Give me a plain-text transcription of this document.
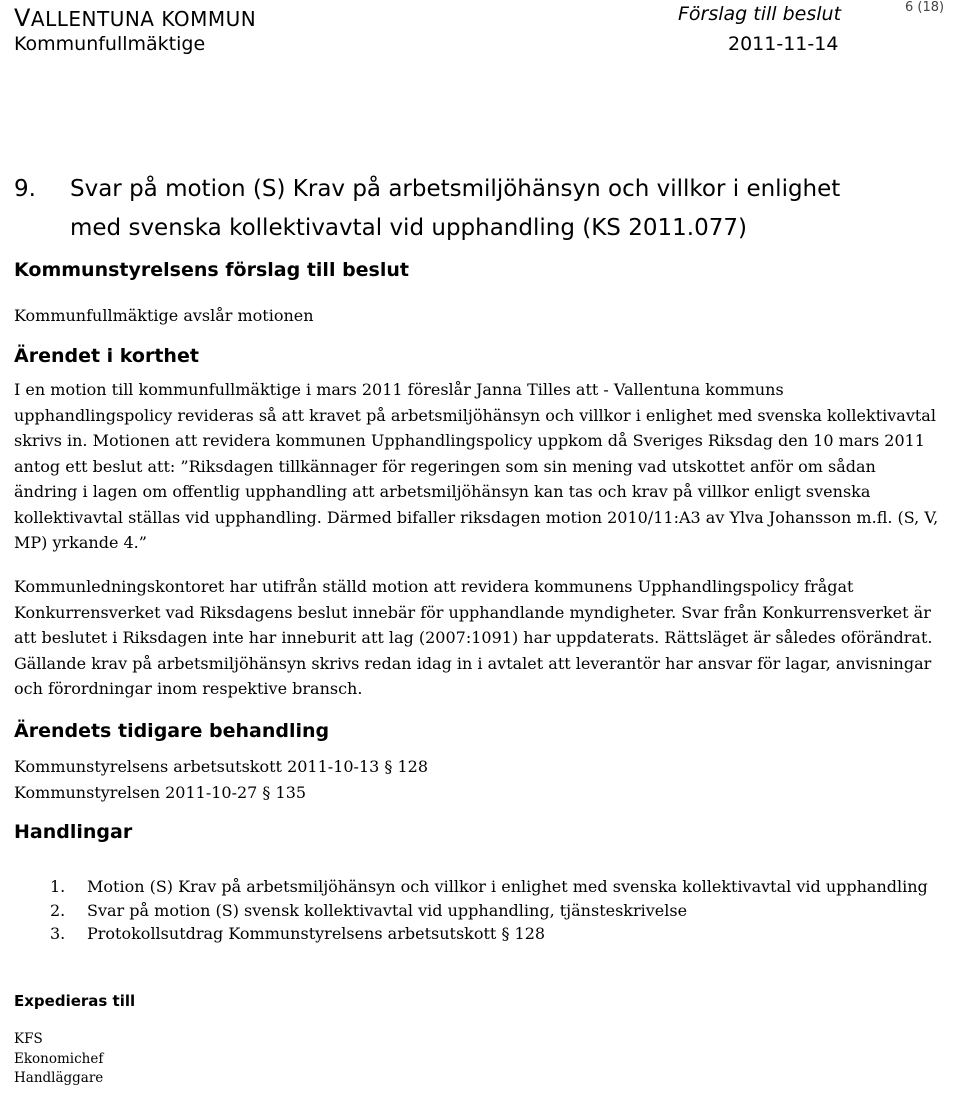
VALLENTUNA KOMMUN
Kommunfullmäktige
Förslag till beslut
2011-11-14
6 (18)
9. Svar på motion (S) Krav på arbetsmiljöhänsyn och villkor i enlighet
med svenska kollektivavtal vid upphandling (KS 2011.077)
Kommunstyrelsens förslag till beslut
Kommunfullmäktige avslår motionen
Ärendet i korthet
I en motion till kommunfullmäktige i mars 2011 föreslår Janna Tilles att - Vallentuna kommuns upphandlingspolicy revideras så att kravet på arbetsmiljöhänsyn och villkor i enlighet med svenska kollektivavtal skrivs in. Motionen att revidera kommunen Upphandlingspolicy uppkom då Sveriges Riksdag den 10 mars 2011 antog ett beslut att: ”Riksdagen tillkännager för regeringen som sin mening vad utskottet anför om sådan ändring i lagen om offentlig upphandling att arbetsmiljöhänsyn kan tas och krav på villkor enligt svenska kollektivavtal ställas vid upphandling. Därmed bifaller riksdagen motion 2010/11:A3 av Ylva Johansson m.fl. (S, V, MP) yrkande 4.”
Kommunledningskontoret har utifrån ställd motion att revidera kommunens Upphandlingspolicy frågat Konkurrensverket vad Riksdagens beslut innebär för upphandlande myndigheter. Svar från Konkurrensverket är att beslutet i Riksdagen inte har inneburit att lag (2007:1091) har uppdaterats. Rättsläget är således oförändrat. Gällande krav på arbetsmiljöhänsyn skrivs redan idag in i avtalet att leverantör har ansvar för lagar, anvisningar och förordningar inom respektive bransch.
Ärendets tidigare behandling
Kommunstyrelsens arbetsutskott 2011-10-13 § 128
Kommunstyrelsen 2011-10-27 § 135
Handlingar
1. Motion (S) Krav på arbetsmiljöhänsyn och villkor i enlighet med svenska kollektivavtal vid upphandling
2. Svar på motion (S) svensk kollektivavtal vid upphandling, tjänsteskrivelse
3. Protokollsutdrag Kommunstyrelsens arbetsutskott § 128
Expedieras till
KFS
Ekonomichef
Handläggare
